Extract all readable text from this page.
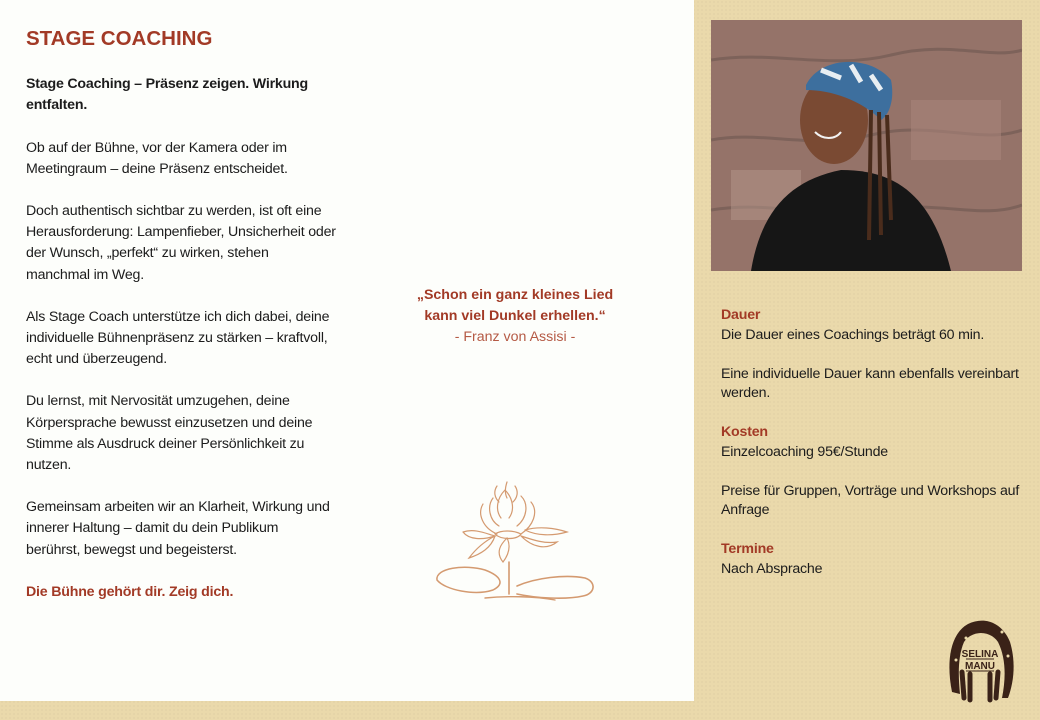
STAGE COACHING

Stage Coaching – Präsenz zeigen. Wirkung entfalten.

Ob auf der Bühne, vor der Kamera oder im Meetingraum – deine Präsenz entscheidet.

Doch authentisch sichtbar zu werden, ist oft eine Herausforderung: Lampenfieber, Unsicherheit oder der Wunsch, „perfekt“ zu wirken, stehen manchmal im Weg.

Als Stage Coach unterstütze ich dich dabei, deine individuelle Bühnenpräsenz zu stärken – kraftvoll, echt und überzeugend.

Du lernst, mit Nervosität umzugehen, deine Körpersprache bewusst einzusetzen und deine Stimme als Ausdruck deiner Persönlichkeit zu nutzen.

Gemeinsam arbeiten wir an Klarheit, Wirkung und innerer Haltung – damit du dein Publikum berührst, bewegst und begeisterst.

Die Bühne gehört dir. Zeig dich.

„Schon ein ganz kleines Lied
kann viel Dunkel erhellen.“
- Franz von Assisi -
Dauer
Die Dauer eines Coachings beträgt 60 min.
Eine individuelle Dauer kann ebenfalls vereinbart werden.
Kosten
Einzelcoaching 95€/Stunde
Preise für Gruppen, Vorträge und Workshops auf Anfrage
Termine
Nach Absprache
SELINA
MANU
